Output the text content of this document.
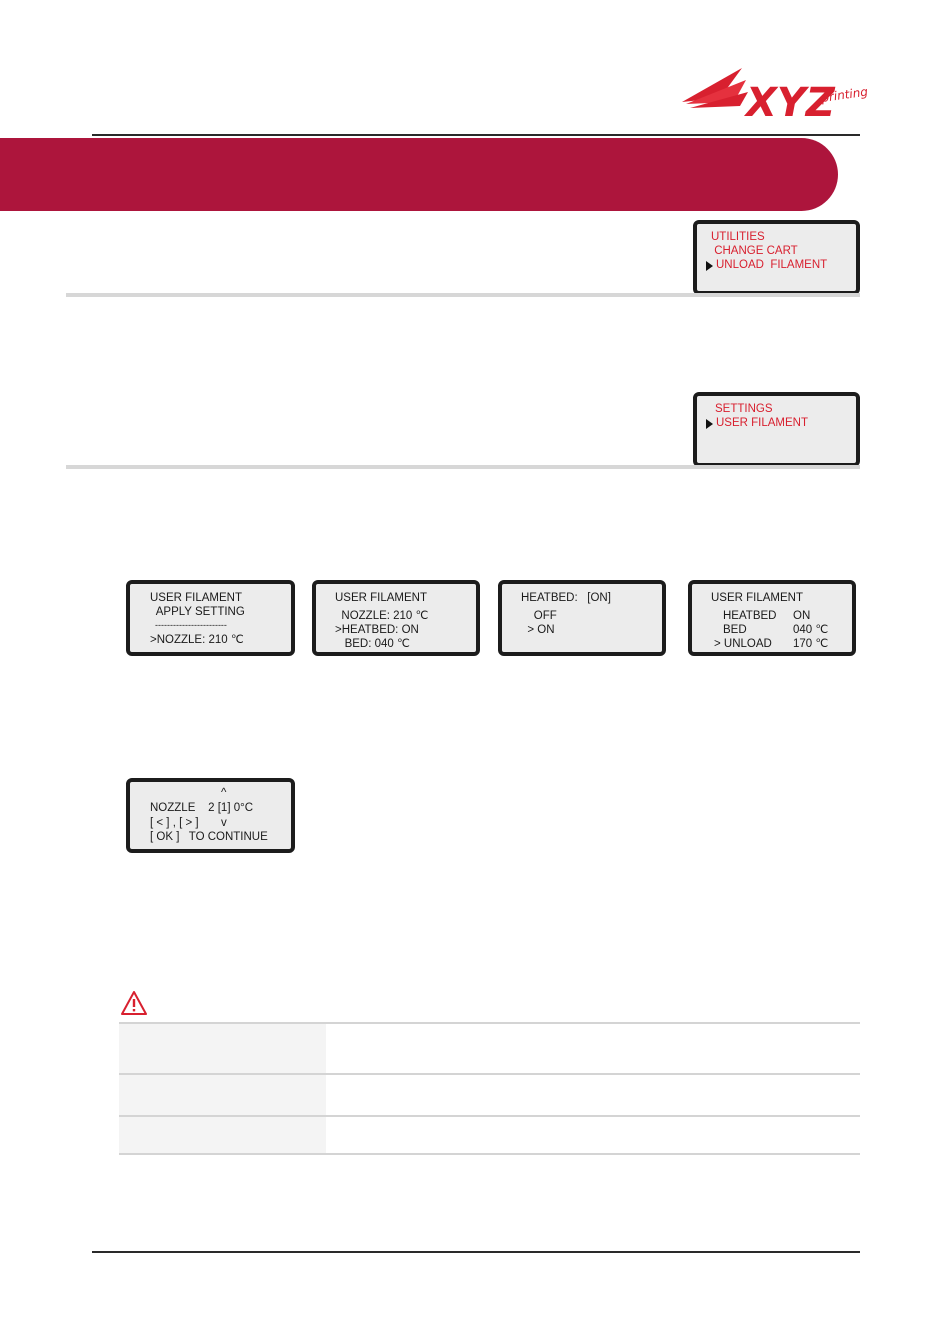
XYZ
printing
UTILITIES
CHANGE CART
UNLOAD  FILAMENT
SETTINGS
USER FILAMENT
USER FILAMENT
APPLY SETTING
------------------------
>NOZZLE: 210 ℃
USER FILAMENT
NOZZLE: 210 ℃
>HEATBED: ON
BED: 040 ℃
HEATBED:   [ON]
OFF
> ON
USER FILAMENT
HEATBED ON
BED	040 ℃
> UNLOAD 170 ℃
^
NOZZLE    2 [1] 0°C
[ < ] , [ > ]       v
[ OK ]   TO CONTINUE
